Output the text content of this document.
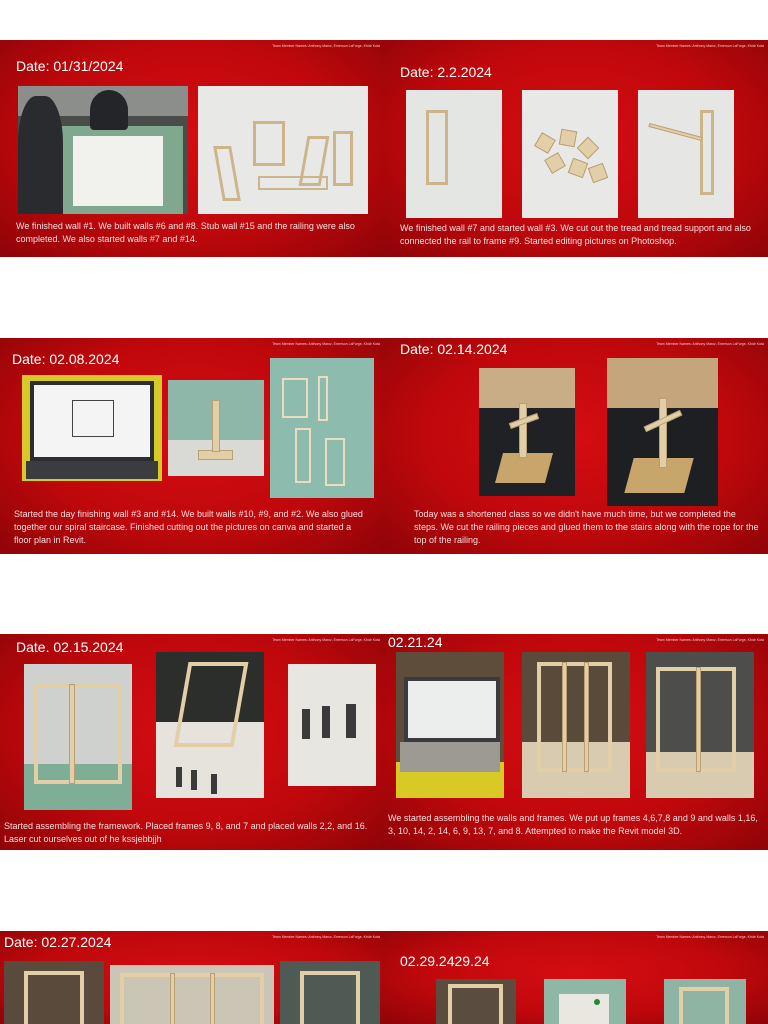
Team Member Names: Anthony Marcz, Emerson LaForge, Khidr Kota
Date: 01/31/2024
We finished wall #1. We built walls #6 and #8. Stub wall #15 and the railing were also completed. We also started walls #7 and #14.
Team Member Names: Anthony Marcz, Emerson LaForge, Khidr Kota
Date: 2.2.2024
We finished wall #7 and started wall #3. We cut out the tread and tread support and also connected the rail to frame #9. Started editing pictures on Photoshop.
Team Member Names: Anthony Marcz, Emerson LaForge, Khidr Kota
Date: 02.08.2024
Started the day finishing wall #3 and #14. We built walls #10, #9, and #2. We also glued together our spiral staircase. Finished cutting out the pictures on canva and started a floor plan in Revit.
Team Member Names: Anthony Marcz, Emerson LaForge, Khidr Kota
Date: 02.14.2024
Today was a shortened class so we didn't have much time, but we completed the steps. We cut the railing pieces and glued them to the stairs along with the rope for the top of the railing.
Team Member Names: Anthony Marcz, Emerson LaForge, Khidr Kota
Date. 02.15.2024
Started assembling the framework. Placed frames 9, 8, and 7 and placed walls 2,2, and 16. Laser cut ourselves out of he kssjebbjjh
Team Member Names: Anthony Marcz, Emerson LaForge, Khidr Kota
02.21.24
We started assembling the walls and frames. We put up frames 4,6,7,8 and 9 and walls 1,16, 3, 10, 14, 2, 14, 6, 9, 13, 7, and 8. Attempted to make the Revit model 3D.
Team Member Names: Anthony Marcz, Emerson LaForge, Khidr Kota
Date: 02.27.2024	Team Member Names: Anthony Marcz, Emerson LaForge, Khidr Kota
02.29.2429.24
